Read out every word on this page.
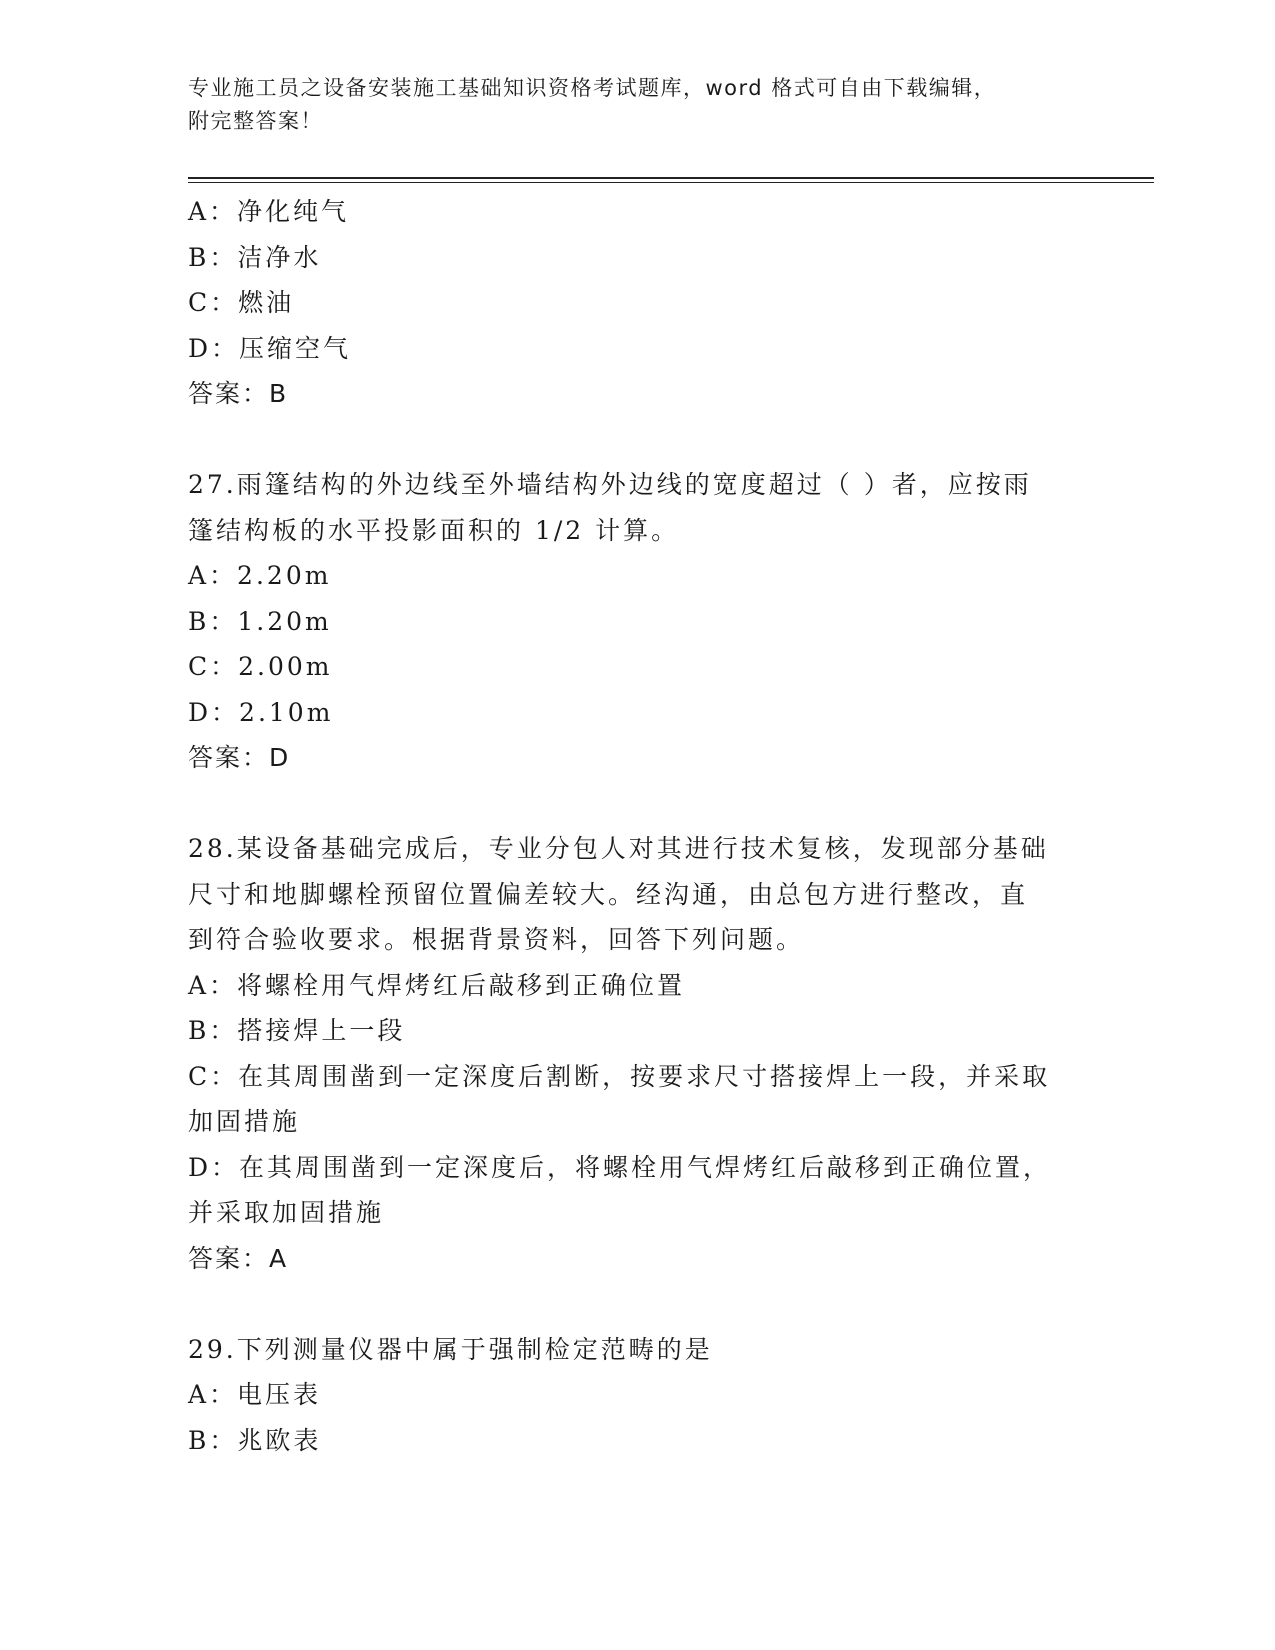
专业施工员之设备安装施工基础知识资格考试题库，word 格式可自由下载编辑，
附完整答案！
A：净化纯气
B：洁净水
C：燃油
D：压缩空气
答案：B
27.雨篷结构的外边线至外墙结构外边线的宽度超过（ ）者，应按雨
篷结构板的水平投影面积的 1/2 计算。
A：2.20m
B：1.20m
C：2.00m
D：2.10m
答案：D
28.某设备基础完成后，专业分包人对其进行技术复核，发现部分基础
尺寸和地脚螺栓预留位置偏差较大。经沟通，由总包方进行整改，直
到符合验收要求。根据背景资料，回答下列问题。
A：将螺栓用气焊烤红后敲移到正确位置
B：搭接焊上一段
C：在其周围凿到一定深度后割断，按要求尺寸搭接焊上一段，并采取
加固措施
D：在其周围凿到一定深度后，将螺栓用气焊烤红后敲移到正确位置，
并采取加固措施
答案：A
29.下列测量仪器中属于强制检定范畴的是
A：电压表
B：兆欧表
